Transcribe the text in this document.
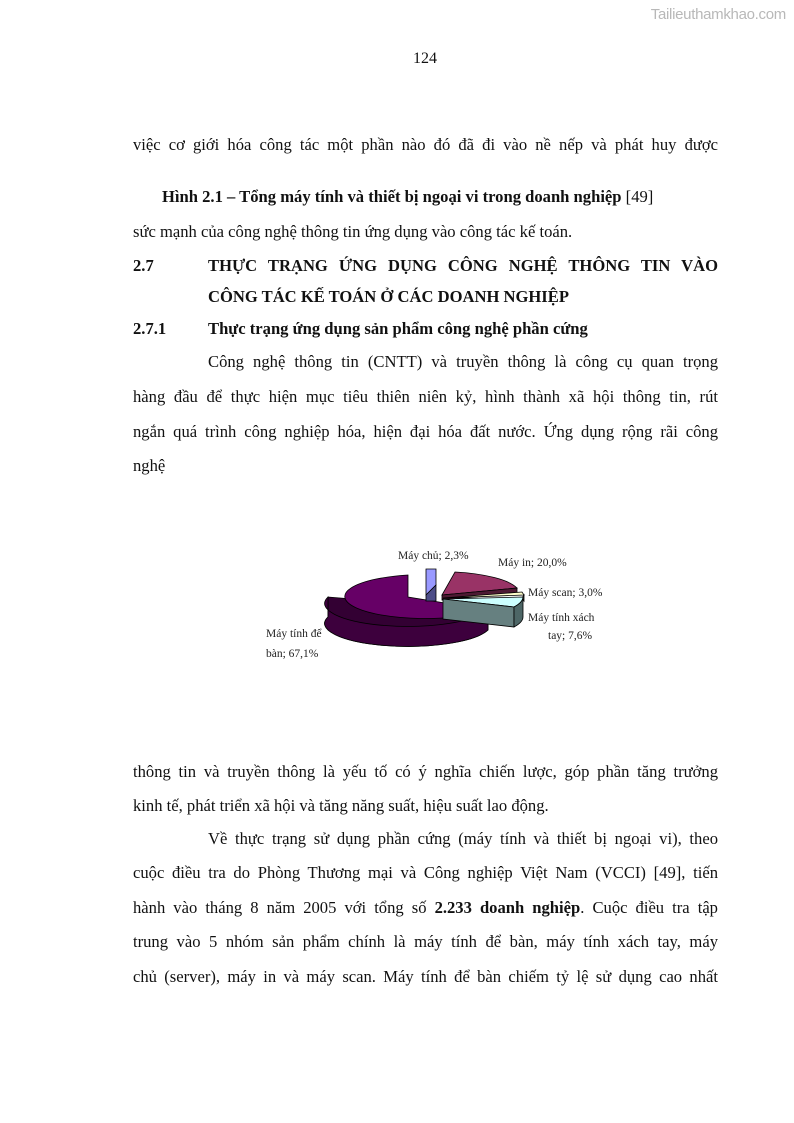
Tailieuthamkhao.com
124
việc cơ giới hóa công tác một phần nào đó đã đi vào nề nếp và phát huy được
Hình 2.1 – Tổng máy tính và thiết bị ngoại vi trong doanh nghiệp [49]
sức mạnh của công nghệ thông tin ứng dụng vào công tác kế toán.
2.7	THỰC TRẠNG ỨNG DỤNG CÔNG NGHỆ THÔNG TIN VÀO
CÔNG TÁC KẾ TOÁN Ở CÁC DOANH NGHIỆP
2.7.1	Thực trạng ứng dụng sản phẩm công nghệ phần cứng
Công nghệ thông tin (CNTT) và truyền thông là công cụ quan trọng
hàng đầu để thực hiện mục tiêu thiên niên kỷ, hình thành xã hội thông tin, rút
ngắn quá trình công nghiệp hóa, hiện đại hóa đất nước. Ứng dụng rộng rãi công
nghệ
Máy chủ; 2,3%
Máy in; 20,0%
Máy scan; 3,0%
Máy tính xách
tay; 7,6%
Máy tính để
bàn; 67,1%
thông tin và truyền thông là yếu tố có ý nghĩa chiến lược, góp phần tăng trưởng
kinh tế, phát triển xã hội và tăng năng suất, hiệu suất lao động.
Về thực trạng sử dụng phần cứng (máy tính và thiết bị ngoại vi), theo
cuộc điều tra do Phòng Thương mại và Công nghiệp Việt Nam (VCCI) [49], tiến
hành vào tháng 8 năm 2005 với tổng số 2.233 doanh nghiệp. Cuộc điều tra tập
trung vào 5 nhóm sản phẩm chính là máy tính để bàn, máy tính xách tay, máy
chủ (server), máy in và máy scan. Máy tính để bàn chiếm tỷ lệ sử dụng cao nhất
